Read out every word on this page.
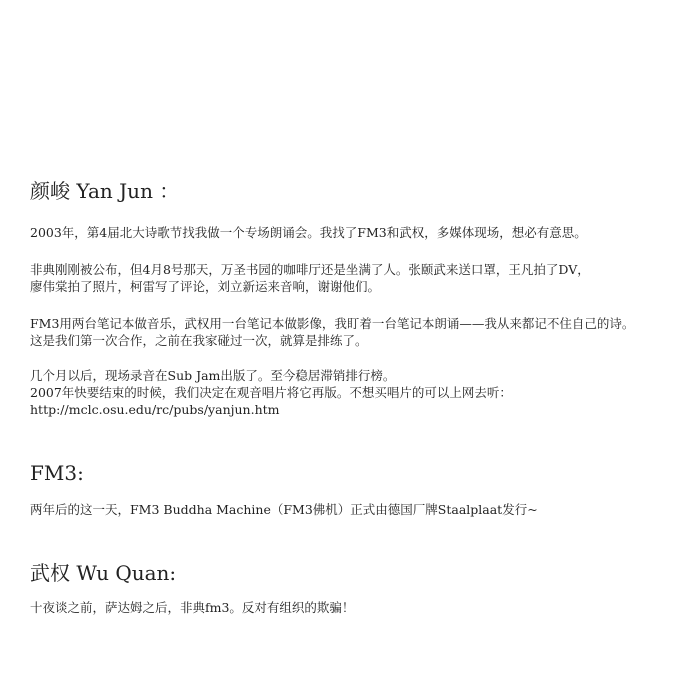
颜峻 Yan Jun ：

2003年，第4届北大诗歌节找我做一个专场朗诵会。我找了FM3和武权，多媒体现场，想必有意思。

非典刚刚被公布，但4月8号那天，万圣书园的咖啡厅还是坐满了人。张颐武来送口罩，王凡拍了DV，

廖伟棠拍了照片，柯雷写了评论，刘立新运来音响，谢谢他们。

FM3用两台笔记本做音乐，武权用一台笔记本做影像，我盯着一台笔记本朗诵——我从来都记不住自己的诗。

这是我们第一次合作，之前在我家碰过一次，就算是排练了。

几个月以后，现场录音在Sub Jam出版了。至今稳居滞销排行榜。

2007年快要结束的时候，我们决定在观音唱片将它再版。不想买唱片的可以上网去听：

http://mclc.osu.edu/rc/pubs/yanjun.htm

FM3:

两年后的这一天，FM3 Buddha Machine（FM3佛机）正式由德国厂牌Staalplaat发行~

武权 Wu Quan:

十夜谈之前，萨达姆之后，非典fm3。反对有组织的欺骗！
